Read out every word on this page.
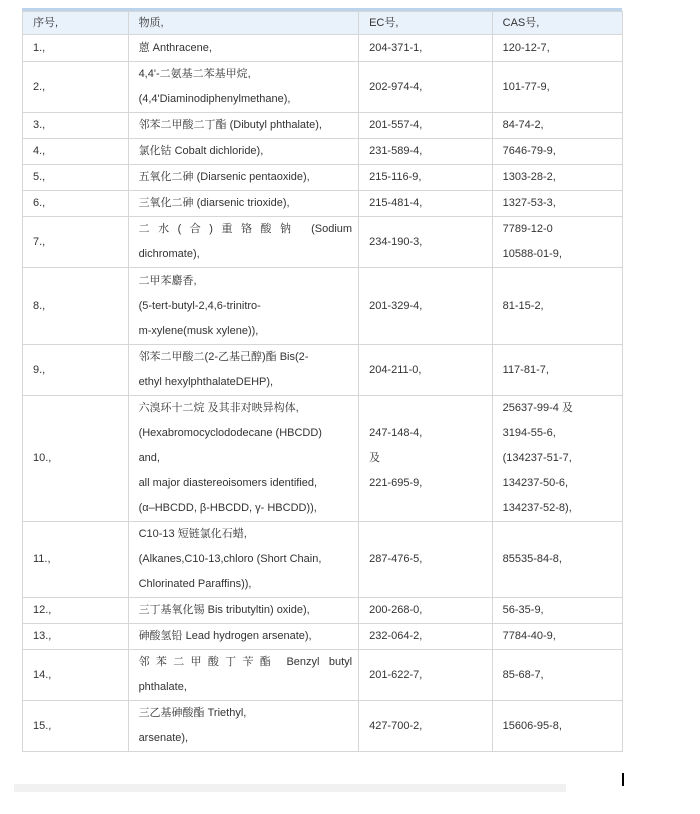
序号,	物质,	EC号,	CAS号,
1.,	蒽 Anthracene,	204-371-1,	120-12-7,

2.,	4,4'-二氨基二苯基甲烷,
(4,4'Diaminodiphenylmethane),	202-974-4,	101-77-9,

3.,	邻苯二甲酸二丁酯 (Dibutyl phthalate),	201-557-4,	84-74-2,

4.,	氯化钴 Cobalt dichloride),	231-589-4,	7646-79-9,

5.,	五氧化二砷 (Diarsenic pentaoxide),	215-116-9,	1303-28-2,

6.,	三氧化二砷 (diarsenic trioxide),	215-481-4,	1327-53-3,

7.,	二水(合)重铬酸钠 (Sodium
dichromate),	234-190-3,	7789-12-0
10588-01-9,

8.,	二甲苯麝香,
(5-tert-butyl-2,4,6-trinitro-
m-xylene(musk xylene)),	201-329-4,	81-15-2,

9.,	邻苯二甲酸二(2-乙基己醇)酯 Bis(2-
ethyl hexylphthalateDEHP),	204-211-0,	117-81-7,

10.,	六溴环十二烷 及其非对映异构体,
(Hexabromocyclododecane (HBCDD)
and,
all major diastereoisomers identified,
(α–HBCDD, β-HBCDD, γ- HBCDD)),	247-148-4,
及
221-695-9,	25637-99-4 及
3194-55-6,
(134237-51-7,
134237-50-6,
134237-52-8),

11.,	C10-13 短链氯化石蜡,
(Alkanes,C10-13,chloro (Short Chain,
Chlorinated Paraffins)),	287-476-5,	85535-84-8,

12.,	三丁基氧化锡 Bis tributyltin) oxide),	200-268-0,	56-35-9,

13.,	砷酸氢铅 Lead hydrogen arsenate),	232-064-2,	7784-40-9,

14.,	邻苯二甲酸丁苄酯 Benzyl butyl
phthalate,	201-622-7,	85-68-7,

15.,	三乙基砷酸酯 Triethyl,
arsenate),	427-700-2,	15606-95-8,
